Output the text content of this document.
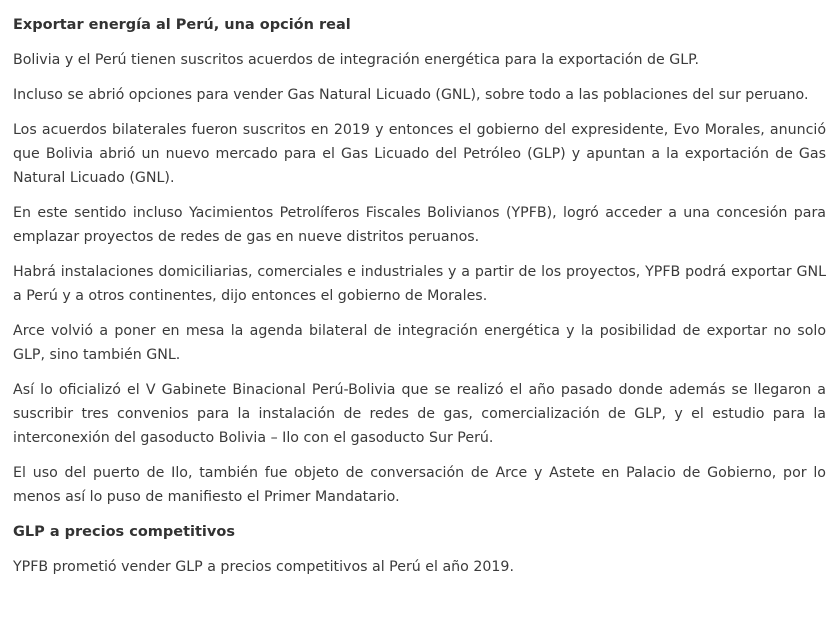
Exportar energía al Perú, una opción real

Bolivia y el Perú tienen suscritos acuerdos de integración energética para la exportación de GLP.

Incluso se abrió opciones para vender Gas Natural Licuado (GNL), sobre todo a las poblaciones del sur peruano.

Los acuerdos bilaterales fueron suscritos en 2019 y entonces el gobierno del expresidente, Evo Morales, anunció que Bolivia abrió un nuevo mercado para el Gas Licuado del Petróleo (GLP) y apuntan a la exportación de Gas Natural Licuado (GNL).

En este sentido incluso Yacimientos Petrolíferos Fiscales Bolivianos (YPFB), logró acceder a una concesión para emplazar proyectos de redes de gas en nueve distritos peruanos.

Habrá instalaciones domiciliarias, comerciales e industriales y a partir de los proyectos, YPFB podrá exportar GNL a Perú y a otros continentes, dijo entonces el gobierno de Morales.

Arce volvió a poner en mesa la agenda bilateral de integración energética y la posibilidad de exportar no solo GLP, sino también GNL.

Así lo oficializó el V Gabinete Binacional Perú-Bolivia que se realizó el año pasado donde además se llegaron a suscribir tres convenios para la instalación de redes de gas, comercialización de GLP, y el estudio para la interconexión del gasoducto Bolivia – Ilo con el gasoducto Sur Perú.

El uso del puerto de Ilo, también fue objeto de conversación de Arce y Astete en Palacio de Gobierno, por lo menos así lo puso de manifiesto el Primer Mandatario.

GLP a precios competitivos

YPFB prometió vender GLP a precios competitivos al Perú el año 2019.
